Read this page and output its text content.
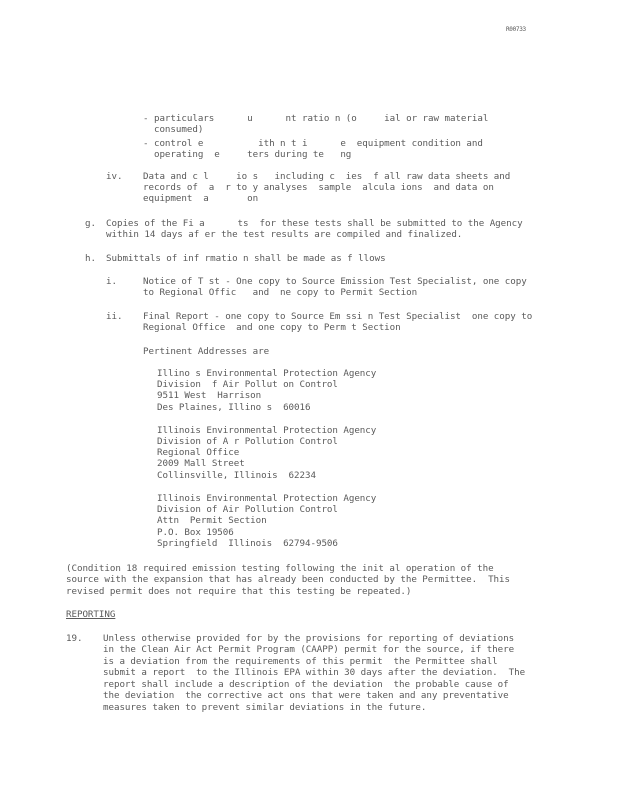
R00733
- particulars      u      nt ratio n (o     ial or raw material
consumed)
- control e          ith n t i      e  equipment condition and
operating  e     ters during te   ng
iv. Data and c l     io s   including c  ies  f all raw data sheets and
records of  a  r to y analyses  sample  alcula ions  and data on
equipment  a       on
g. Copies of the Fi a      ts  for these tests shall be submitted to the Agency
within 14 days af er the test results are compiled and finalized.
h. Submittals of inf rmatio n shall be made as f llows
i.	Notice of T st - One copy to Source Emission Test Specialist, one copy
to Regional Offic   and  ne copy to Permit Section
ii. Final Report - one copy to Source Em ssi n Test Specialist  one copy to
Regional Office  and one copy to Perm t Section
Pertinent Addresses are
Illino s Environmental Protection Agency
Division  f Air Pollut on Control
9511 West  Harrison
Des Plaines, Illino s  60016
Illinois Environmental Protection Agency
Division of A r Pollution Control
Regional Office
2009 Mall Street
Collinsville, Illinois  62234
Illinois Environmental Protection Agency
Division of Air Pollution Control
Attn  Permit Section
P.O. Box 19506
Springfield  Illinois  62794-9506
(Condition 18 required emission testing following the init al operation of the
source with the expansion that has already been conducted by the Permittee.  This
revised permit does not require that this testing be repeated.)
REPORTING
19. Unless otherwise provided for by the provisions for reporting of deviations
in the Clean Air Act Permit Program (CAAPP) permit for the source, if there
is a deviation from the requirements of this permit  the Permittee shall
submit a report  to the Illinois EPA within 30 days after the deviation.  The
report shall include a description of the deviation  the probable cause of
the deviation  the corrective act ons that were taken and any preventative
measures taken to prevent similar deviations in the future.
